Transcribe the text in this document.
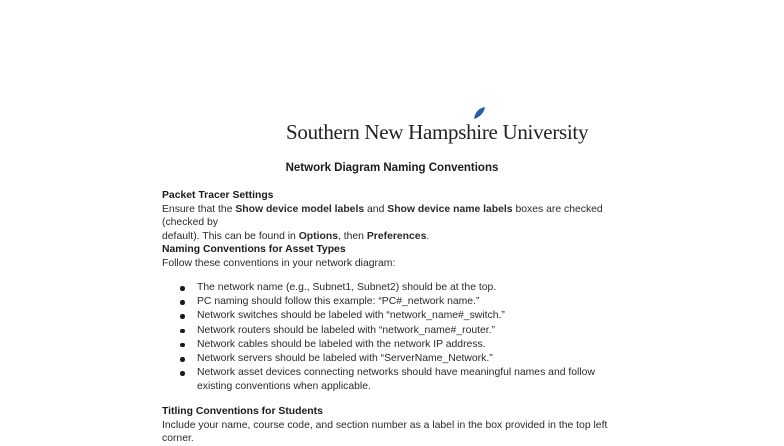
Southern New Hamps h i re University
Network Diagram Naming Conventions
Packet Tracer Settings
Ensure that the Show device model labels and Show device name labels boxes are checked (checked by
default). This can be found in Options, then Preferences.
Naming Conventions for Asset Types
Follow these conventions in your network diagram:
The network name (e.g., Subnet1, Subnet2) should be at the top.
PC naming should follow this example: “PC#_network name.”
Network switches should be labeled with “network_name#_switch.”
Network routers should be labeled with “network_name#_router.”
Network cables should be labeled with the network IP address.
Network servers should be labeled with “ServerName_Network.”
Network asset devices connecting networks should have meaningful names and follow existing conventions when applicable.
Titling Conventions for Students
Include your name, course code, and section number as a label in the box provided in the top left
corner.
